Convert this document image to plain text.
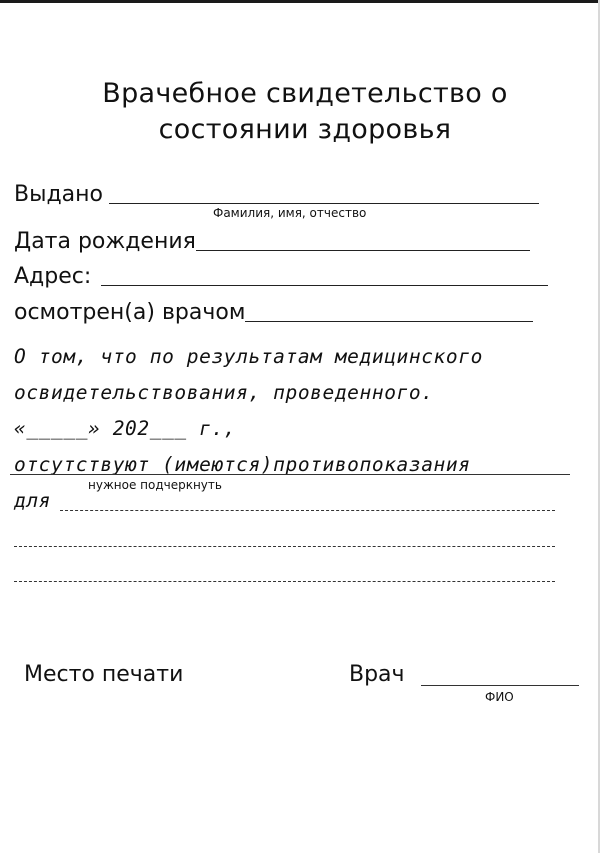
Врачебное свидетельство о
состоянии здоровья
Выдано
Фамилия, имя, отчество
Дата рождения
Адрес:
осмотрен(а) врачом
О том, что по результатам медицинского
освидетельствования, проведенного.
«_____» 202___ г.,
отсутствуют (имеются)противопоказания
нужное подчеркнуть
для
Место печати	Врач
ФИО
